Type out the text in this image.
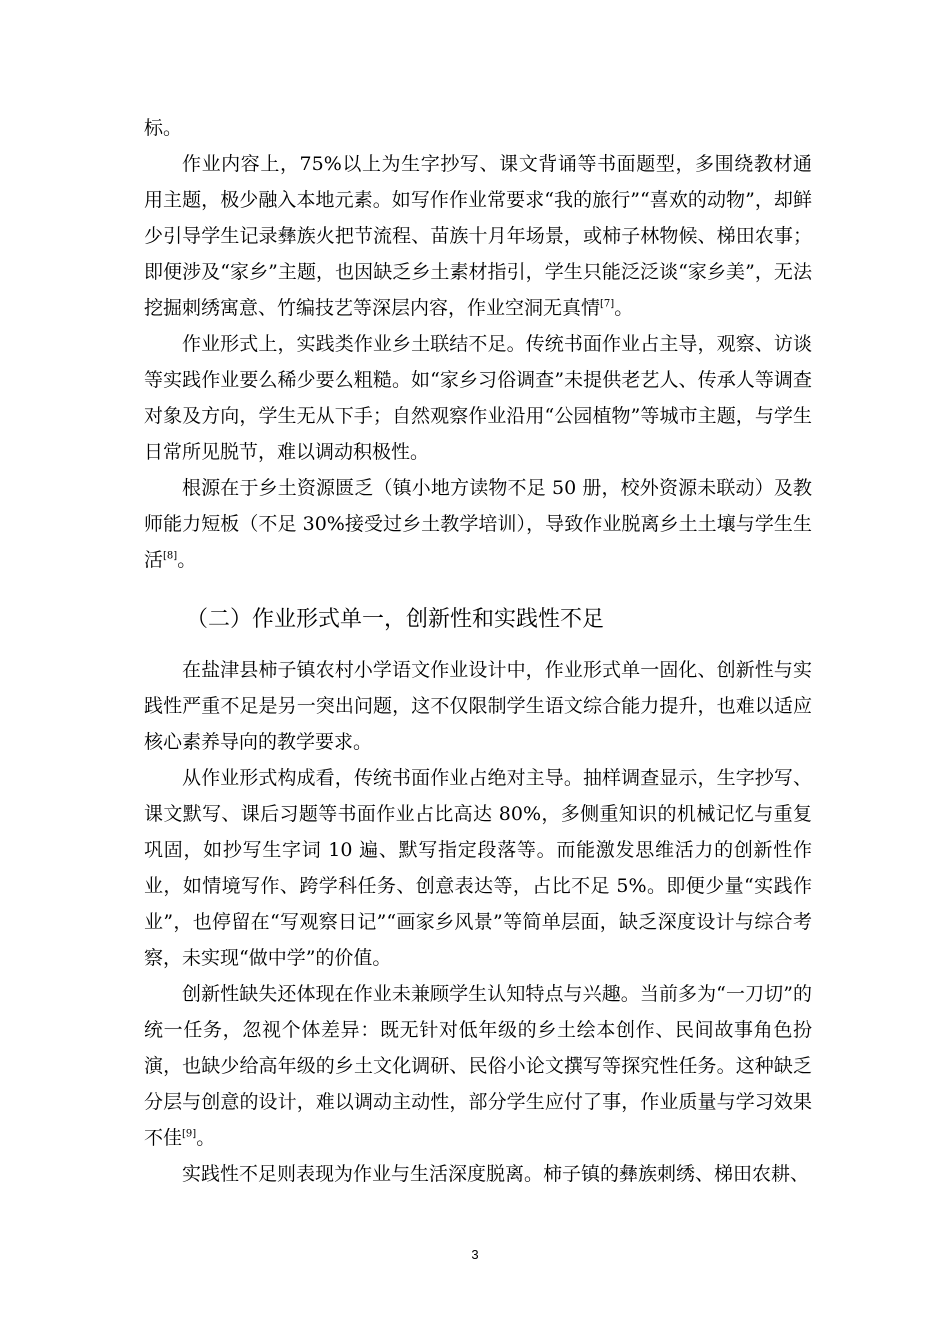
标。

作业内容上，75%以上为生字抄写、课文背诵等书面题型，多围绕教材通用主题，极少融入本地元素。如写作作业常要求“我的旅行”“喜欢的动物”，却鲜少引导学生记录彝族火把节流程、苗族十月年场景，或柿子林物候、梯田农事；即便涉及“家乡”主题，也因缺乏乡土素材指引，学生只能泛泛谈“家乡美”，无法挖掘刺绣寓意、竹编技艺等深层内容，作业空洞无真情[7]。

作业形式上，实践类作业乡土联结不足。传统书面作业占主导，观察、访谈等实践作业要么稀少要么粗糙。如“家乡习俗调查”未提供老艺人、传承人等调查对象及方向，学生无从下手；自然观察作业沿用“公园植物”等城市主题，与学生日常所见脱节，难以调动积极性。

根源在于乡土资源匮乏（镇小地方读物不足 50 册，校外资源未联动）及教师能力短板（不足 30%接受过乡土教学培训），导致作业脱离乡土土壤与学生生活[8]。

（二）作业形式单一，创新性和实践性不足

在盐津县柿子镇农村小学语文作业设计中，作业形式单一固化、创新性与实践性严重不足是另一突出问题，这不仅限制学生语文综合能力提升，也难以适应核心素养导向的教学要求。

从作业形式构成看，传统书面作业占绝对主导。抽样调查显示，生字抄写、课文默写、课后习题等书面作业占比高达 80%，多侧重知识的机械记忆与重复巩固，如抄写生字词 10 遍、默写指定段落等。而能激发思维活力的创新性作业，如情境写作、跨学科任务、创意表达等，占比不足 5%。即便少量“实践作业”，也停留在“写观察日记”“画家乡风景”等简单层面，缺乏深度设计与综合考察，未实现“做中学”的价值。

创新性缺失还体现在作业未兼顾学生认知特点与兴趣。当前多为“一刀切”的统一任务，忽视个体差异：既无针对低年级的乡土绘本创作、民间故事角色扮演，也缺少给高年级的乡土文化调研、民俗小论文撰写等探究性任务。这种缺乏分层与创意的设计，难以调动主动性，部分学生应付了事，作业质量与学习效果不佳[9]。

实践性不足则表现为作业与生活深度脱离。柿子镇的彝族刺绣、梯田农耕、

3
